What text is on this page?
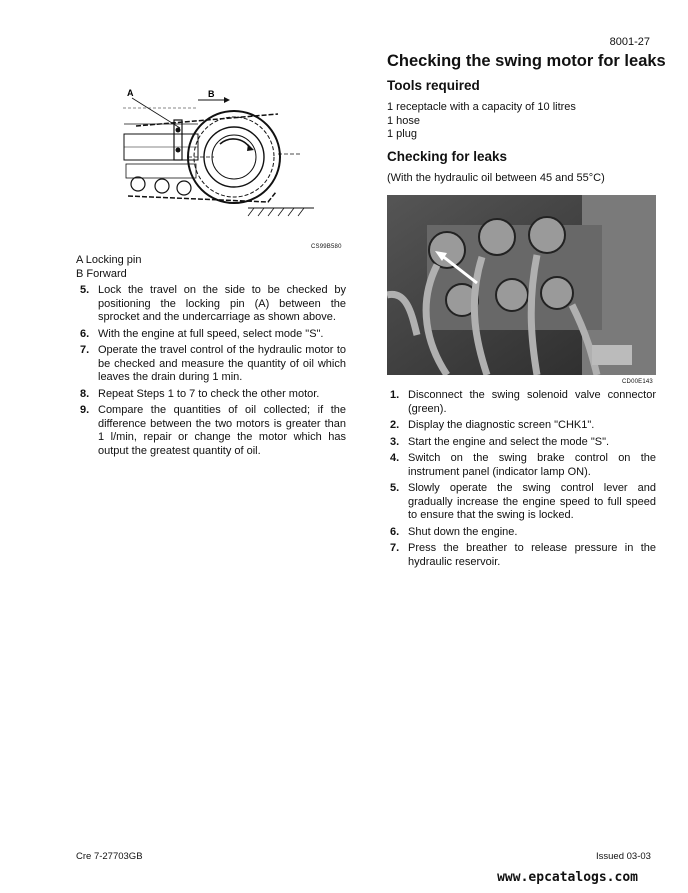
8001-27
A	B
CS99B580
A Locking pin
B Forward
5. Lock the travel on the side to be checked by positioning the locking pin (A) between the sprocket and the undercarriage as shown above.
6. With the engine at full speed, select mode "S".
7. Operate the travel control of the hydraulic motor to be checked and measure the quantity of oil which leaves the drain during 1 min.
8. Repeat Steps 1 to 7 to check the other motor.
9. Compare the quantities of oil collected; if the difference between the two motors is greater than 1 l/min, repair or change the motor which has output the greatest quantity of oil.
Checking the swing motor for leaks
Tools required
1 receptacle with a capacity of 10 litres
1 hose
1 plug
Checking for leaks
(With the hydraulic oil between 45 and 55°C)
CD00E143
1. Disconnect the swing solenoid valve connector (green).
2. Display the diagnostic screen "CHK1".
3. Start the engine and select the mode "S".
4. Switch on the swing brake control on the instrument panel (indicator lamp ON).
5. Slowly operate the swing control lever and gradually increase the engine speed to full speed to ensure that the swing is locked.
6. Shut down the engine.
7. Press the breather to release pressure in the hydraulic reservoir.
Cre 7-27703GB	Issued 03-03
www.epcatalogs.com
